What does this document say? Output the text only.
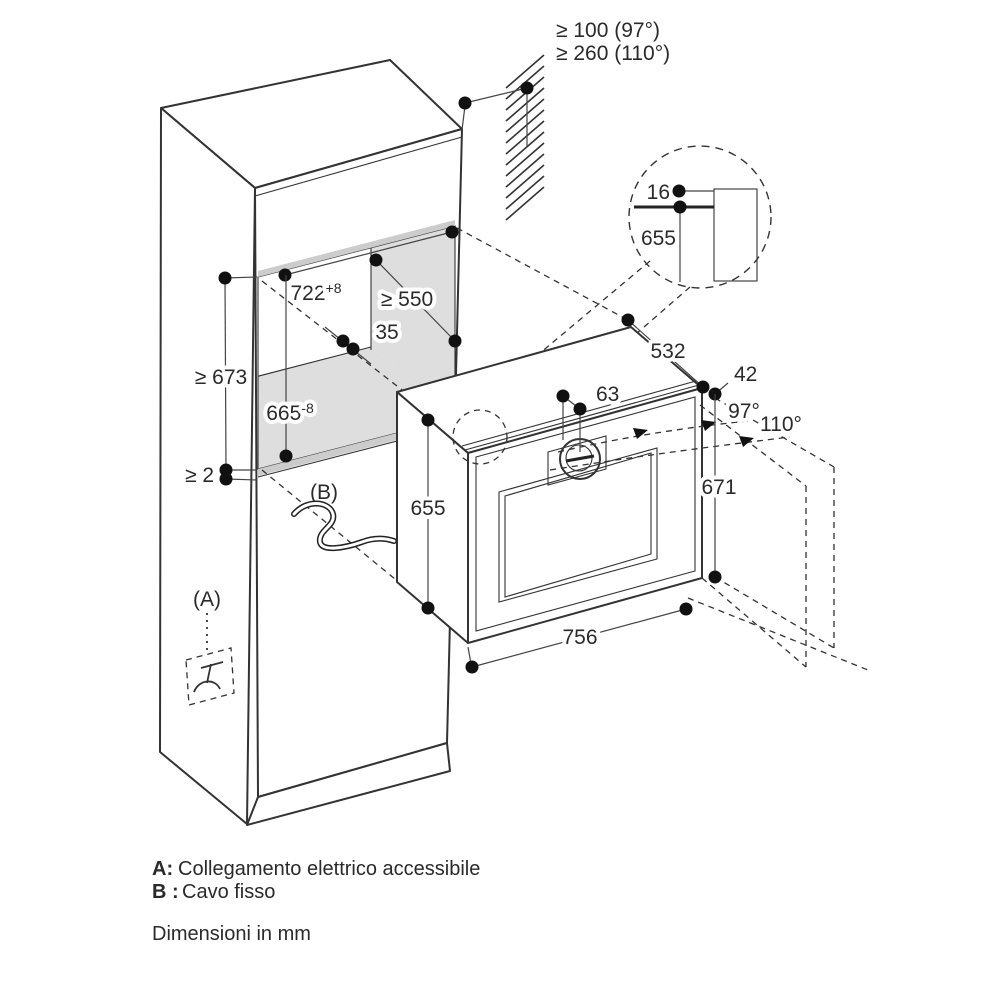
≥ 100 (97°)
≥ 260 (110°)
16
655
97°
110°
$722^{+8} \ge 550$
35
≥ 673
$665^{-8}$
≥ 2
63
532
42
671
655
756
(B)
(A)
A: Collegamento elettrico accessibile
B : Cavo fisso
Dimensioni in mm
